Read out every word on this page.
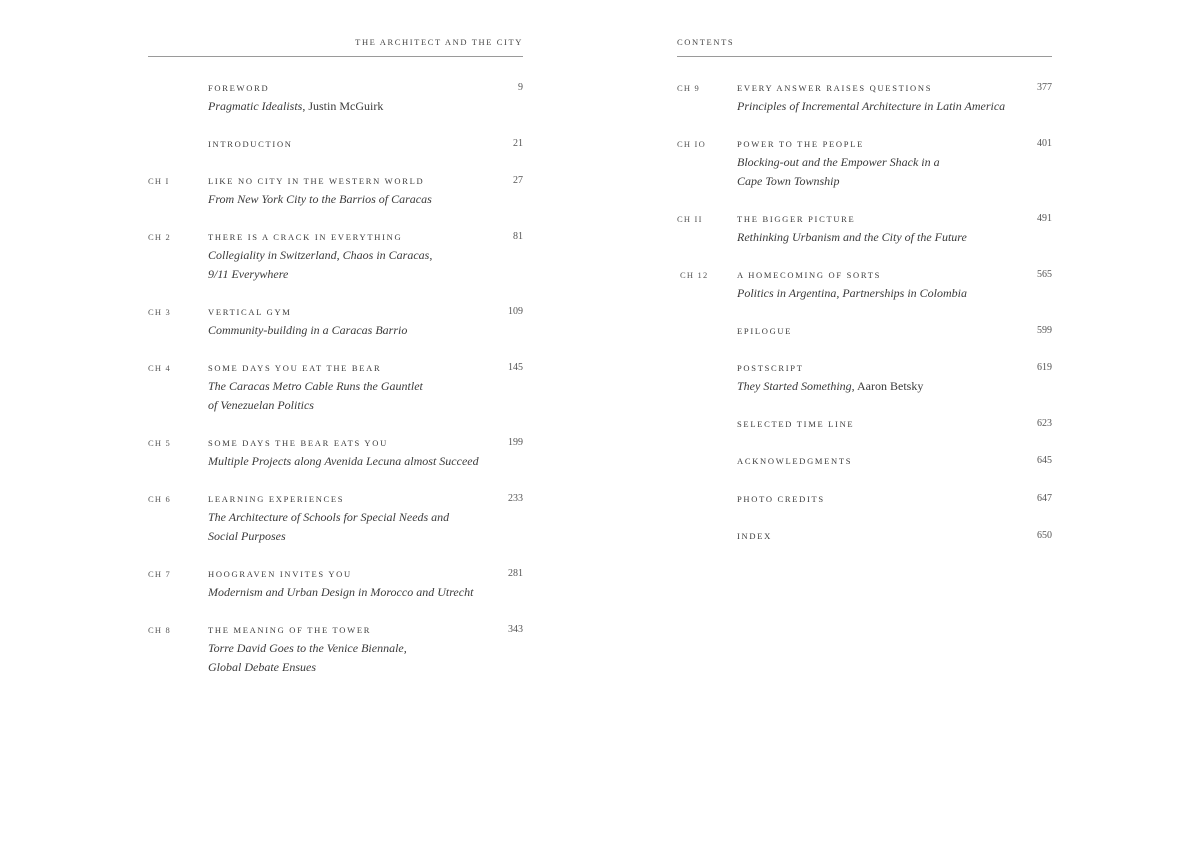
THE ARCHITECT AND THE CITY
FOREWORD	9
Pragmatic Idealists, Justin McGuirk
INTRODUCTION	21
CH I	LIKE NO CITY IN THE WESTERN WORLD	27
From New York City to the Barrios of Caracas
CH 2	THERE IS A CRACK IN EVERYTHING	81
Collegiality in Switzerland, Chaos in Caracas,
9/11 Everywhere
CH 3	VERTICAL GYM	109
Community-building in a Caracas Barrio
CH 4	SOME DAYS YOU EAT THE BEAR	145
The Caracas Metro Cable Runs the Gauntlet
of Venezuelan Politics
CH 5	SOME DAYS THE BEAR EATS YOU	199
Multiple Projects along Avenida Lecuna almost Succeed
CH 6	LEARNING EXPERIENCES	233
The Architecture of Schools for Special Needs and
Social Purposes
CH 7	HOOGRAVEN INVITES YOU	281
Modernism and Urban Design in Morocco and Utrecht
CH 8	THE MEANING OF THE TOWER	343
Torre David Goes to the Venice Biennale,
Global Debate Ensues
CONTENTS
CH 9	EVERY ANSWER RAISES QUESTIONS	377
Principles of Incremental Architecture in Latin America
CH IO	POWER TO THE PEOPLE	401
Blocking-out and the Empower Shack in a
Cape Town Township
CH II	THE BIGGER PICTURE	491
Rethinking Urbanism and the City of the Future
CH 12	A HOMECOMING OF SORTS	565
Politics in Argentina, Partnerships in Colombia
EPILOGUE	599
POSTSCRIPT	619
They Started Something, Aaron Betsky
SELECTED TIME LINE	623
ACKNOWLEDGMENTS	645
PHOTO CREDITS	647
INDEX	650
